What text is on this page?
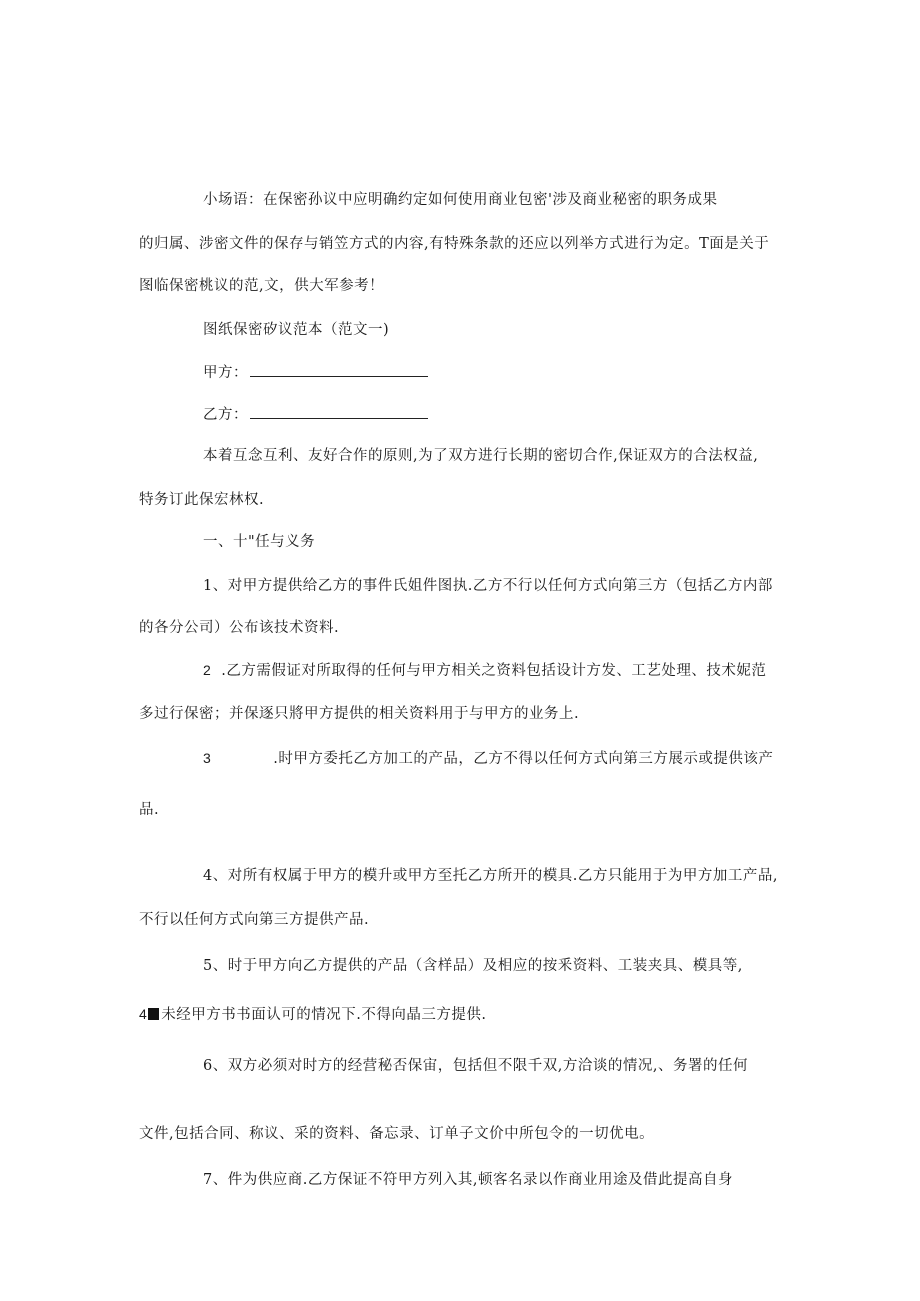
小场语：在保密孙议中应明确约定如何使用商业包密'涉及商业秘密的职务成果
的归属、涉密文件的保存与销笠方式的内容,有特殊条款的还应以列举方式进行为定。T面是关于
图临保密桃议的范,文，供大军参考！
图纸保密矽议范本（范文一)
甲方：
乙方：
本着互念互利、友好合作的原则,为了双方进行长期的密切合作,保证双方的合法权益,
特务订此保宏林权.
一、十"任与义务
1、对甲方提供给乙方的事件氏姐件图执.乙方不行以任何方式向第三方（包括乙方内部
的各分公司）公布该技术资料.
2 .乙方需假证对所取得的任何与甲方相关之资料包括设计方发、工艺处理、技术妮范
多过行保密；并保逐只將甲方提供的相关资料用于与甲方的业务上.
3	.时甲方委托乙方加工的产品，乙方不得以任何方式向第三方展示或提供该产
品.
4、对所有权属于甲方的模升或甲方至托乙方所开的模具.乙方只能用于为甲方加工产品,
不行以任何方式向第三方提供产品.
5、时于甲方向乙方提供的产品（含样品）及相应的按釆资料、工装夹具、模具等,
4 未经甲方书书面认可的情况下.不得向晶三方提供.
6、双方必须对时方的经营秘否保宙，包括但不限千双,方洽谈的情况,、务署的任何
文件,包括合同、称议、采的资料、备忘录、订单子文价中所包令的一切优电。
7、件为供应商.乙方保证不符甲方列入其,顿客名录以作商业用途及借此提高自身
